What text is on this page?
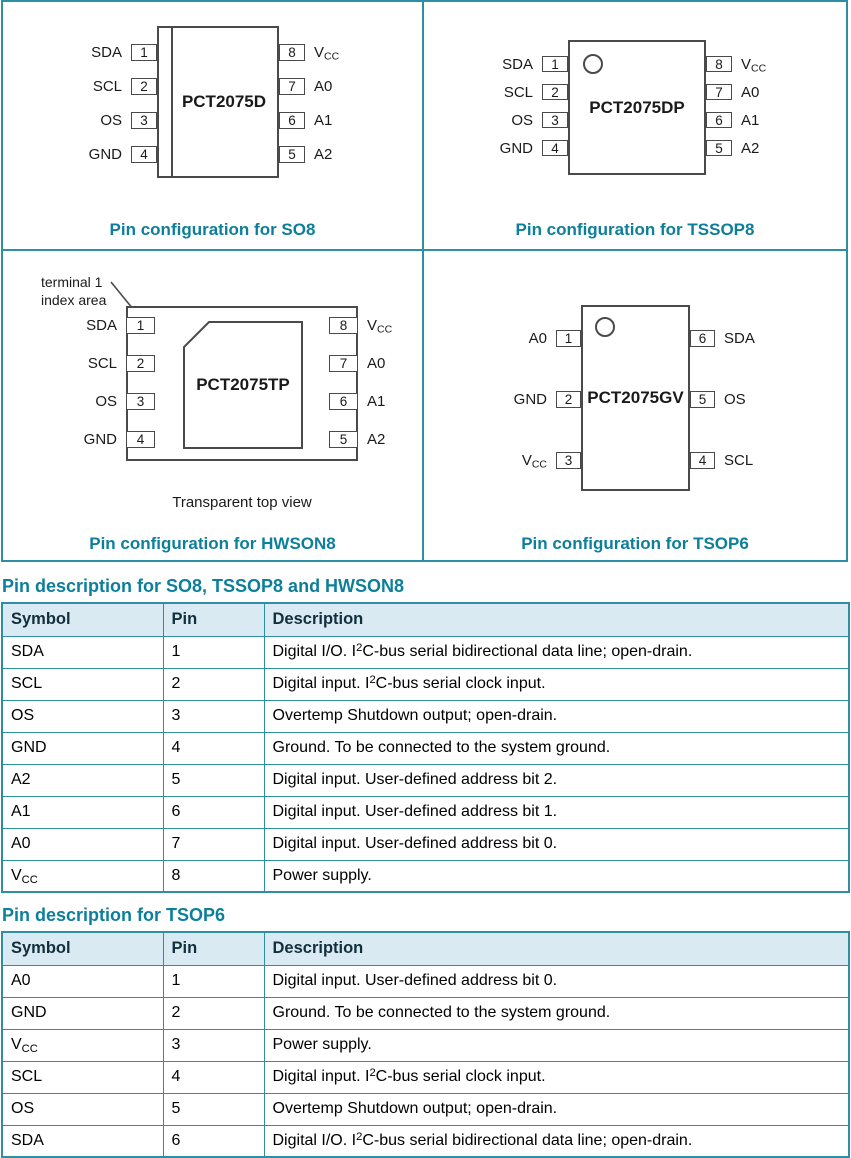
PCT2075D
SDA	1
SCL	2
OS	3
GND	4
8	$V_{CC}$
7	A0
6	A1
5	A2
Pin configuration for SO8
PCT2075DP
SDA	1
SCL	2
OS	3
GND	4
8	$V_{CC}$
7	A0
6	A1
5	A2
Pin configuration for TSSOP8
terminal 1
index area
PCT2075TP
SDA	1
SCL	2
OS	3
GND	4
8	$V_{CC}$
7	A0
6	A1
5	A2
Transparent top view
Pin configuration for HWSON8
PCT2075GV
A0	1
GND	2
$V_{CC}$	3
6	SDA
5	OS
4	SCL
Pin configuration for TSOP6
Pin description for SO8, TSSOP8 and HWSON8
Symbol	Pin	Description
SDA	1	Digital I/O. $I^2C$-bus serial bidirectional data line; open-drain.
SCL	2	Digital input. $I^2C$-bus serial clock input.
OS	3	Overtemp Shutdown output; open-drain.
GND	4	Ground. To be connected to the system ground.
A2	5	Digital input. User-defined address bit 2.
A1	6	Digital input. User-defined address bit 1.
A0	7	Digital input. User-defined address bit 0.
$V_{CC}$	8	Power supply.
Pin description for TSOP6
Symbol	Pin	Description
A0	1	Digital input. User-defined address bit 0.
GND	2	Ground. To be connected to the system ground.
$V_{CC}$	3	Power supply.
SCL	4	Digital input. $I^2C$-bus serial clock input.
OS	5	Overtemp Shutdown output; open-drain.
SDA	6	Digital I/O. $I^2C$-bus serial bidirectional data line; open-drain.
